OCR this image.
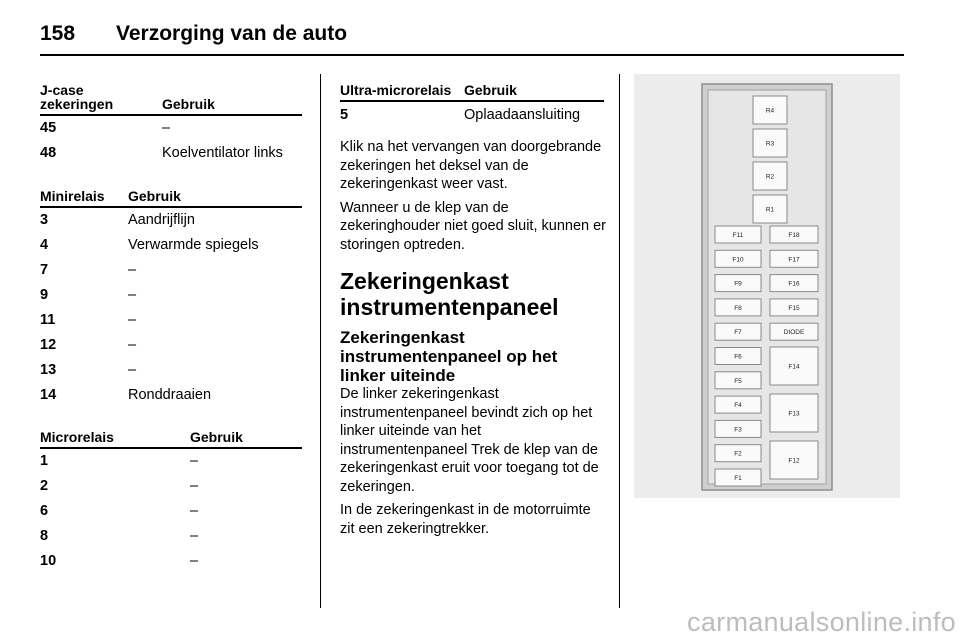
158 Verzorging van de auto
J-case zekeringen	Gebruik
45	–
48	Koelventilator links
Minirelais Gebruik
3	Aandrijflijn
4	Verwarmde spiegels
7	–
9	–
11	–
12	–
13	–
14	Ronddraaien
Microrelais	Gebruik
1	–
2	–
6	–
8	–
10	–
Ultra-microrelais Gebruik
5	Oplaadaansluiting

Klik na het vervangen van doorgebrande zekeringen het deksel van de zekeringenkast weer vast.

Wanneer u de klep van de zekeringhouder niet goed sluit, kunnen er storingen optreden.

Zekeringenkast instrumentenpaneel
Zekeringenkast instrumentenpaneel op het linker uiteinde

De linker zekeringenkast instrumentenpaneel bevindt zich op het linker uiteinde van het instrumentenpaneel Trek de klep van de zekeringenkast eruit voor toegang tot de zekeringen.

In de zekeringenkast in de motorruimte zit een zekeringtrekker.

R4
R3
R2
R1
F11
F10
F9
F8
F7
F6
F5
F4
F3
F2
F1
F18
F17
F16
F15
DIODE
F14
F13
F12
carmanualsonline.info
